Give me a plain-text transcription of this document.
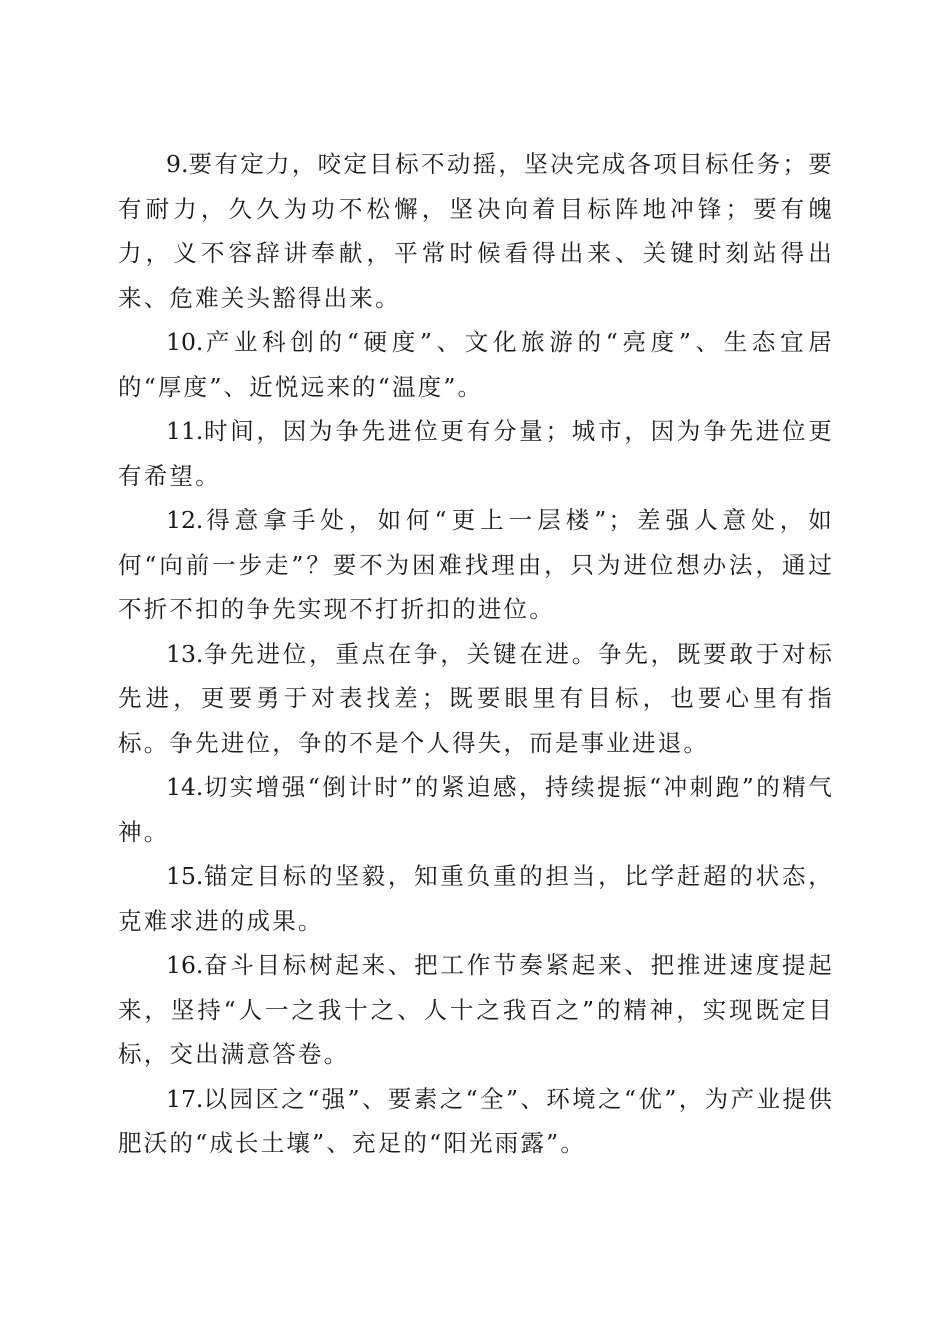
9.要有定力，咬定目标不动摇，坚决完成各项目标任务；要有耐力，久久为功不松懈，坚决向着目标阵地冲锋；要有魄力，义不容辞讲奉献，平常时候看得出来、关键时刻站得出来、危难关头豁得出来。

10.产业科创的“硬度”、文化旅游的“亮度”、生态宜居的“厚度”、近悦远来的“温度”。

11.时间，因为争先进位更有分量；城市，因为争先进位更有希望。

12.得意拿手处，如何“更上一层楼”；差强人意处，如何“向前一步走”？要不为困难找理由，只为进位想办法，通过不折不扣的争先实现不打折扣的进位。

13.争先进位，重点在争，关键在进。争先，既要敢于对标先进，更要勇于对表找差；既要眼里有目标，也要心里有指标。争先进位，争的不是个人得失，而是事业进退。

14.切实增强“倒计时”的紧迫感，持续提振“冲刺跑”的精气神。

15.锚定目标的坚毅，知重负重的担当，比学赶超的状态，克难求进的成果。

16.奋斗目标树起来、把工作节奏紧起来、把推进速度提起来，坚持“人一之我十之、人十之我百之”的精神，实现既定目标，交出满意答卷。

17.以园区之“强”、要素之“全”、环境之“优”，为产业提供肥沃的“成长土壤”、充足的“阳光雨露”。
